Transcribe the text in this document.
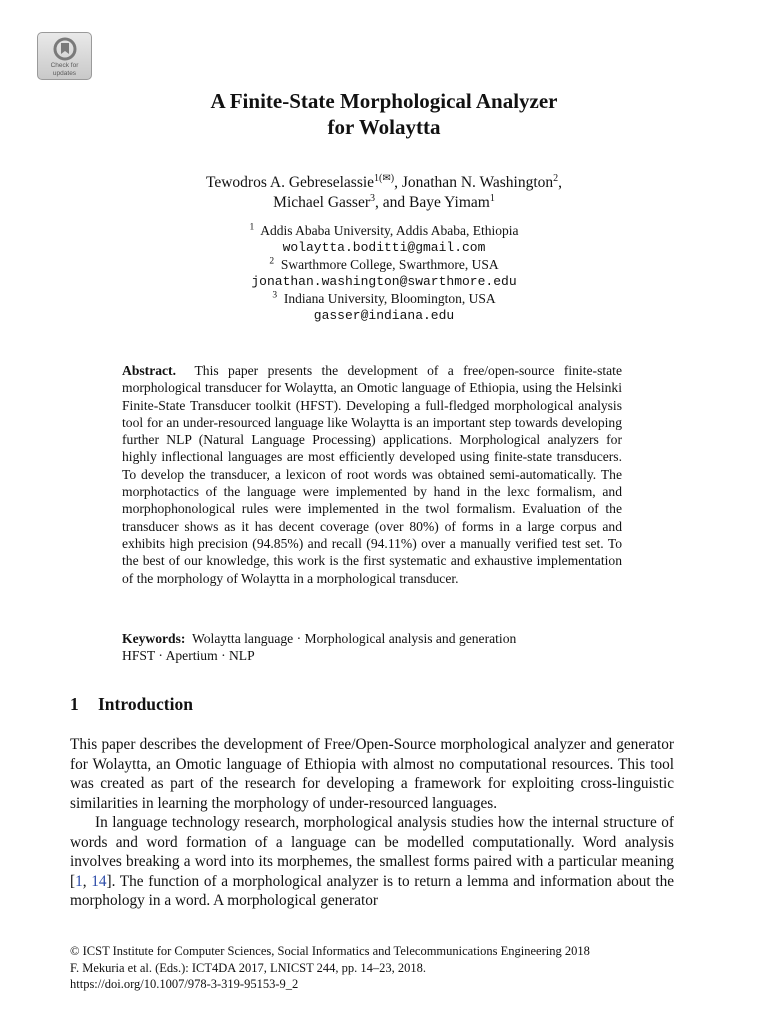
Check for
updates
A Finite-State Morphological Analyzer
for Wolaytta
Tewodros A. Gebreselassie$^{1(✉)}$, Jonathan N. Washington$^2$,
Michael Gasser$^3$, and Baye Yimam$^1$
$^1$ Addis Ababa University, Addis Ababa, Ethiopia
wolaytta.boditti@gmail.com
$^2$ Swarthmore College, Swarthmore, USA
jonathan.washington@swarthmore.edu
$^3$ Indiana University, Bloomington, USA
gasser@indiana.edu

Abstract. This paper presents the development of a free/open-source finite-state morphological transducer for Wolaytta, an Omotic language of Ethiopia, using the Helsinki Finite-State Transducer toolkit (HFST). Developing a full-fledged morphological analysis tool for an under-resourced language like Wolaytta is an important step towards developing further NLP (Natural Language Processing) applications. Morphological analyzers for highly inflectional languages are most efficiently developed using finite-state transducers. To develop the transducer, a lexicon of root words was obtained semi-automatically. The morphotactics of the language were implemented by hand in the lexc formalism, and morphophonological rules were implemented in the twol formalism. Evaluation of the transducer shows as it has decent coverage (over 80%) of forms in a large corpus and exhibits high precision (94.85%) and recall (94.11%) over a manually verified test set. To the best of our knowledge, this work is the first systematic and exhaustive implementation of the morphology of Wolaytta in a morphological transducer.

Keywords: Wolaytta language · Morphological analysis and generation
HFST · Apertium · NLP
1 Introduction

This paper describes the development of Free/Open-Source morphological analyzer and generator for Wolaytta, an Omotic language of Ethiopia with almost no computational resources. This tool was created as part of the research for developing a framework for exploiting cross-linguistic similarities in learning the morphology of under-resourced languages.

In language technology research, morphological analysis studies how the internal structure of words and word formation of a language can be modelled computationally. Word analysis involves breaking a word into its morphemes, the smallest forms paired with a particular meaning [1, 14]. The function of a morphological analyzer is to return a lemma and information about the morphology in a word. A morphological generator

© ICST Institute for Computer Sciences, Social Informatics and Telecommunications Engineering 2018
F. Mekuria et al. (Eds.): ICT4DA 2017, LNICST 244, pp. 14–23, 2018.
https://doi.org/10.1007/978-3-319-95153-9_2
